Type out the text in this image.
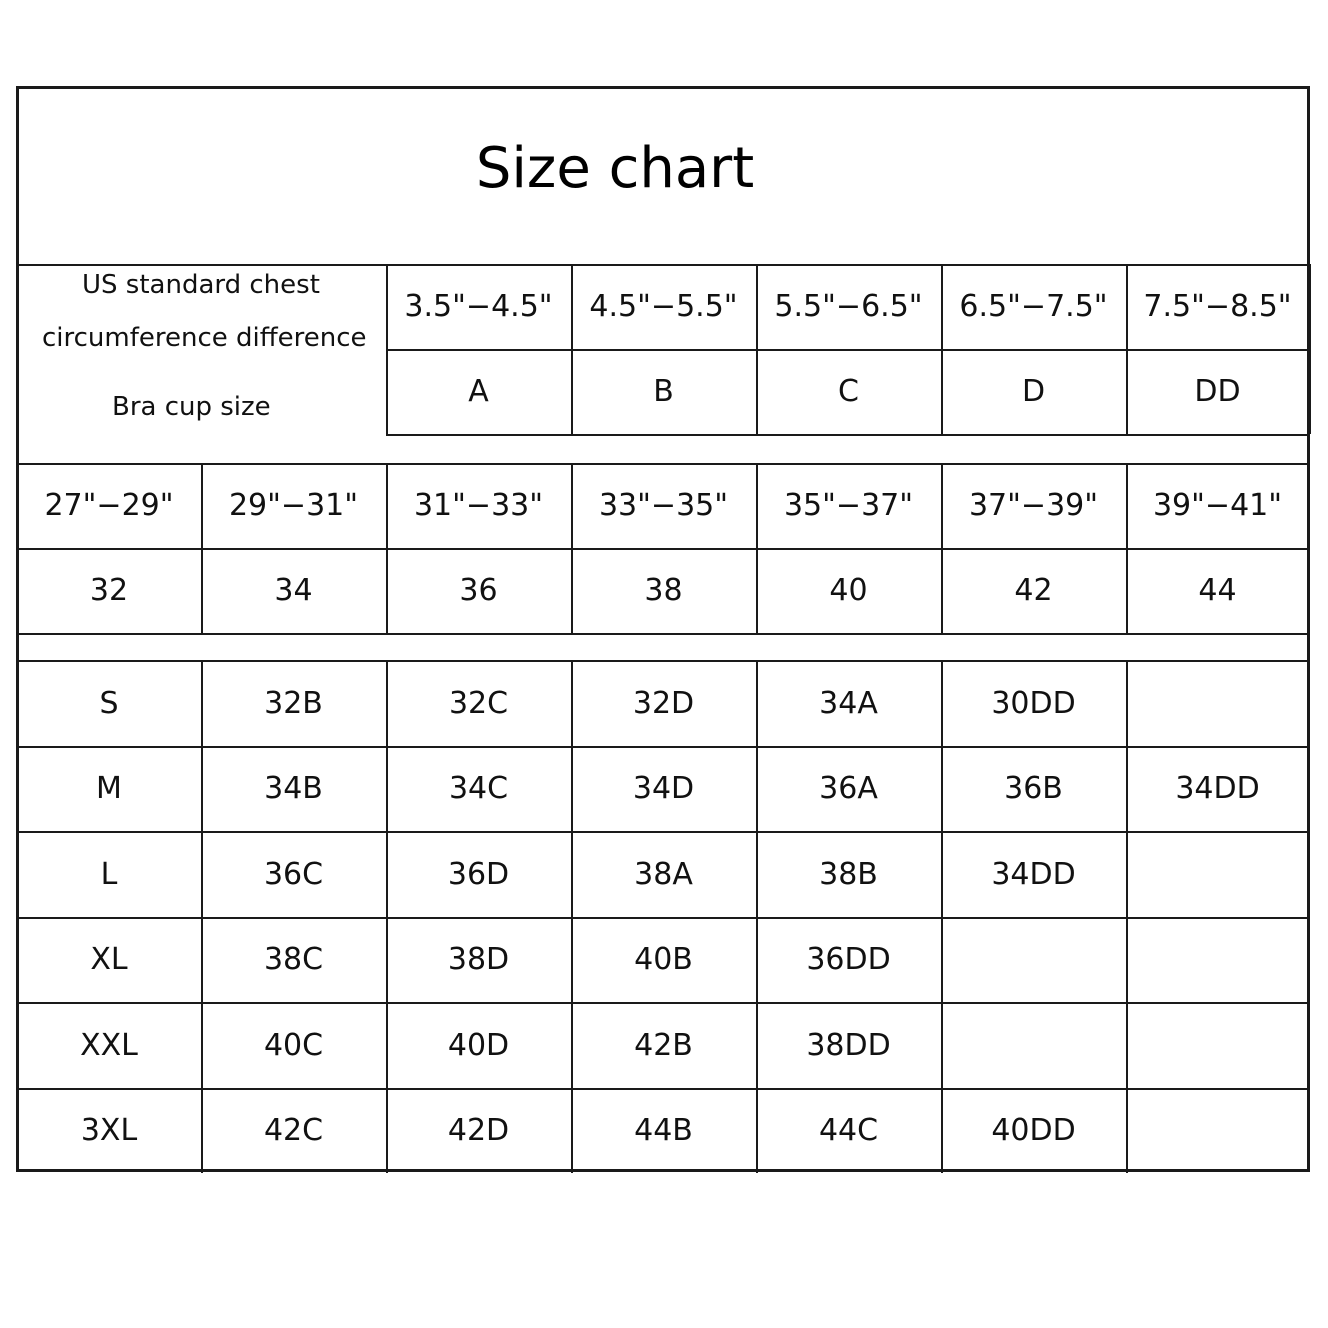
Size chart
US standard chest
circumference difference
Bra cup size
3.5"−4.5"	4.5"−5.5"	5.5"−6.5"	6.5"−7.5"	7.5"−8.5"
A	B	C	D	DD
27"−29"	29"−31"	31"−33"	33"−35"	35"−37"	37"−39"	39"−41"
32	34	36	38	40	42	44
S	32B	32C	32D	34A	30DD
M	34B	34C	34D	36A	36B	34DD
L	36C	36D	38A	38B	34DD
XL	38C	38D	40B	36DD
XXL	40C	40D	42B	38DD
3XL	42C	42D	44B	44C	40DD
